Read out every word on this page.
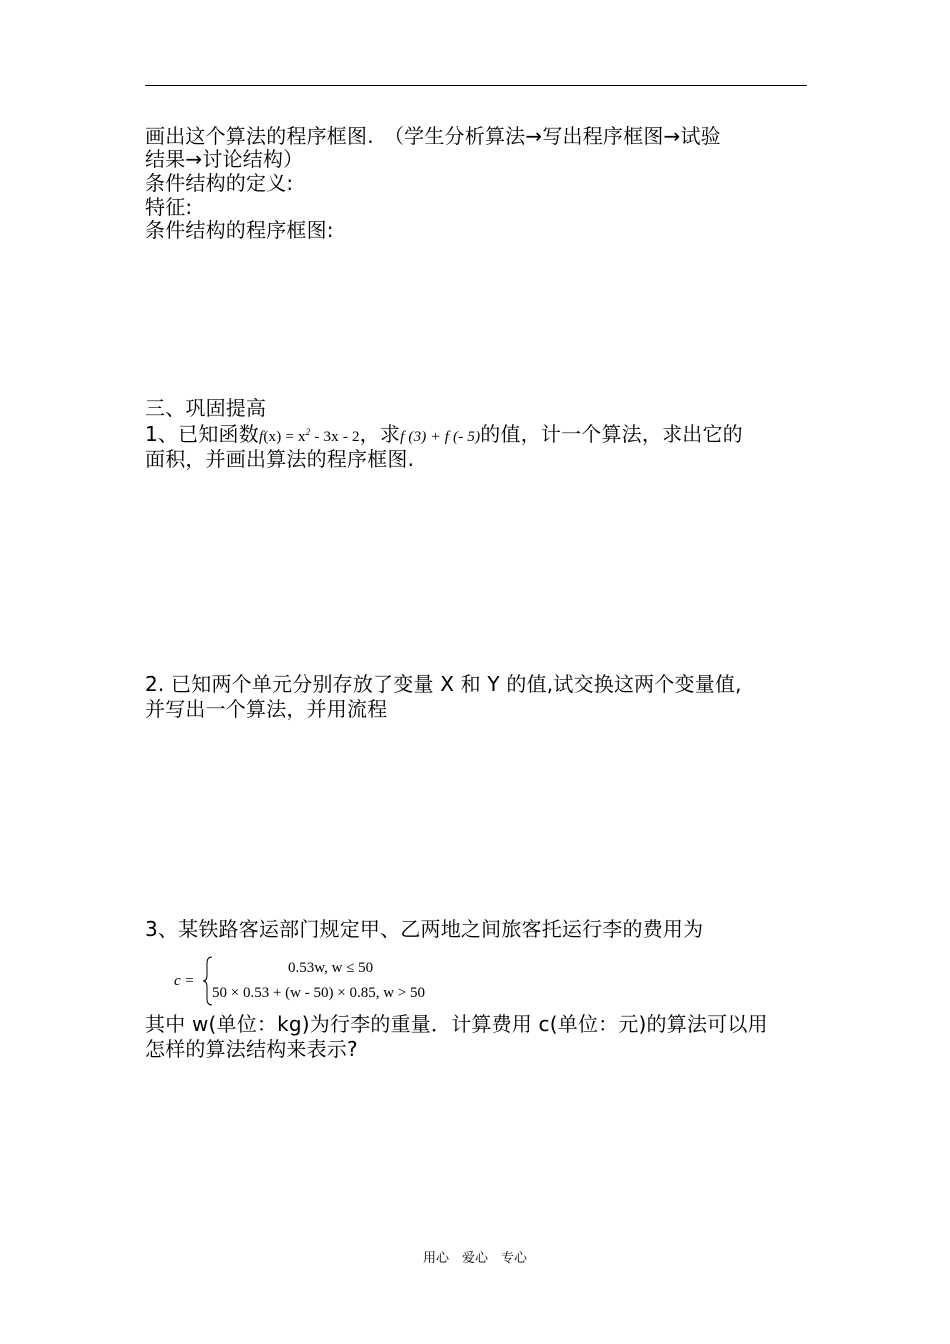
画出这个算法的程序框图.　（学生分析算法→写出程序框图→试验
结果→讨论结构）
条件结构的定义:
特征:
条件结构的程序框图:
三、巩固提高
1、已知函数$f(x) = x^2 - 3x - 2$，求f (3) + f (- 5)的值，计一个算法，求出它的
面积，并画出算法的程序框图.
2. 已知两个单元分别存放了变量 X 和 Y 的值,试交换这两个变量值,
并写出一个算法，并用流程
3、某铁路客运部门规定甲、乙两地之间旅客托运行李的费用为
c =
0.53w, w ≤ 50
50 × 0.53 + (w - 50) × 0.85, w > 50
其中 w(单位：kg)为行李的重量．计算费用 c(单位：元)的算法可以用
怎样的算法结构来表示?
用心　爱心　专心
